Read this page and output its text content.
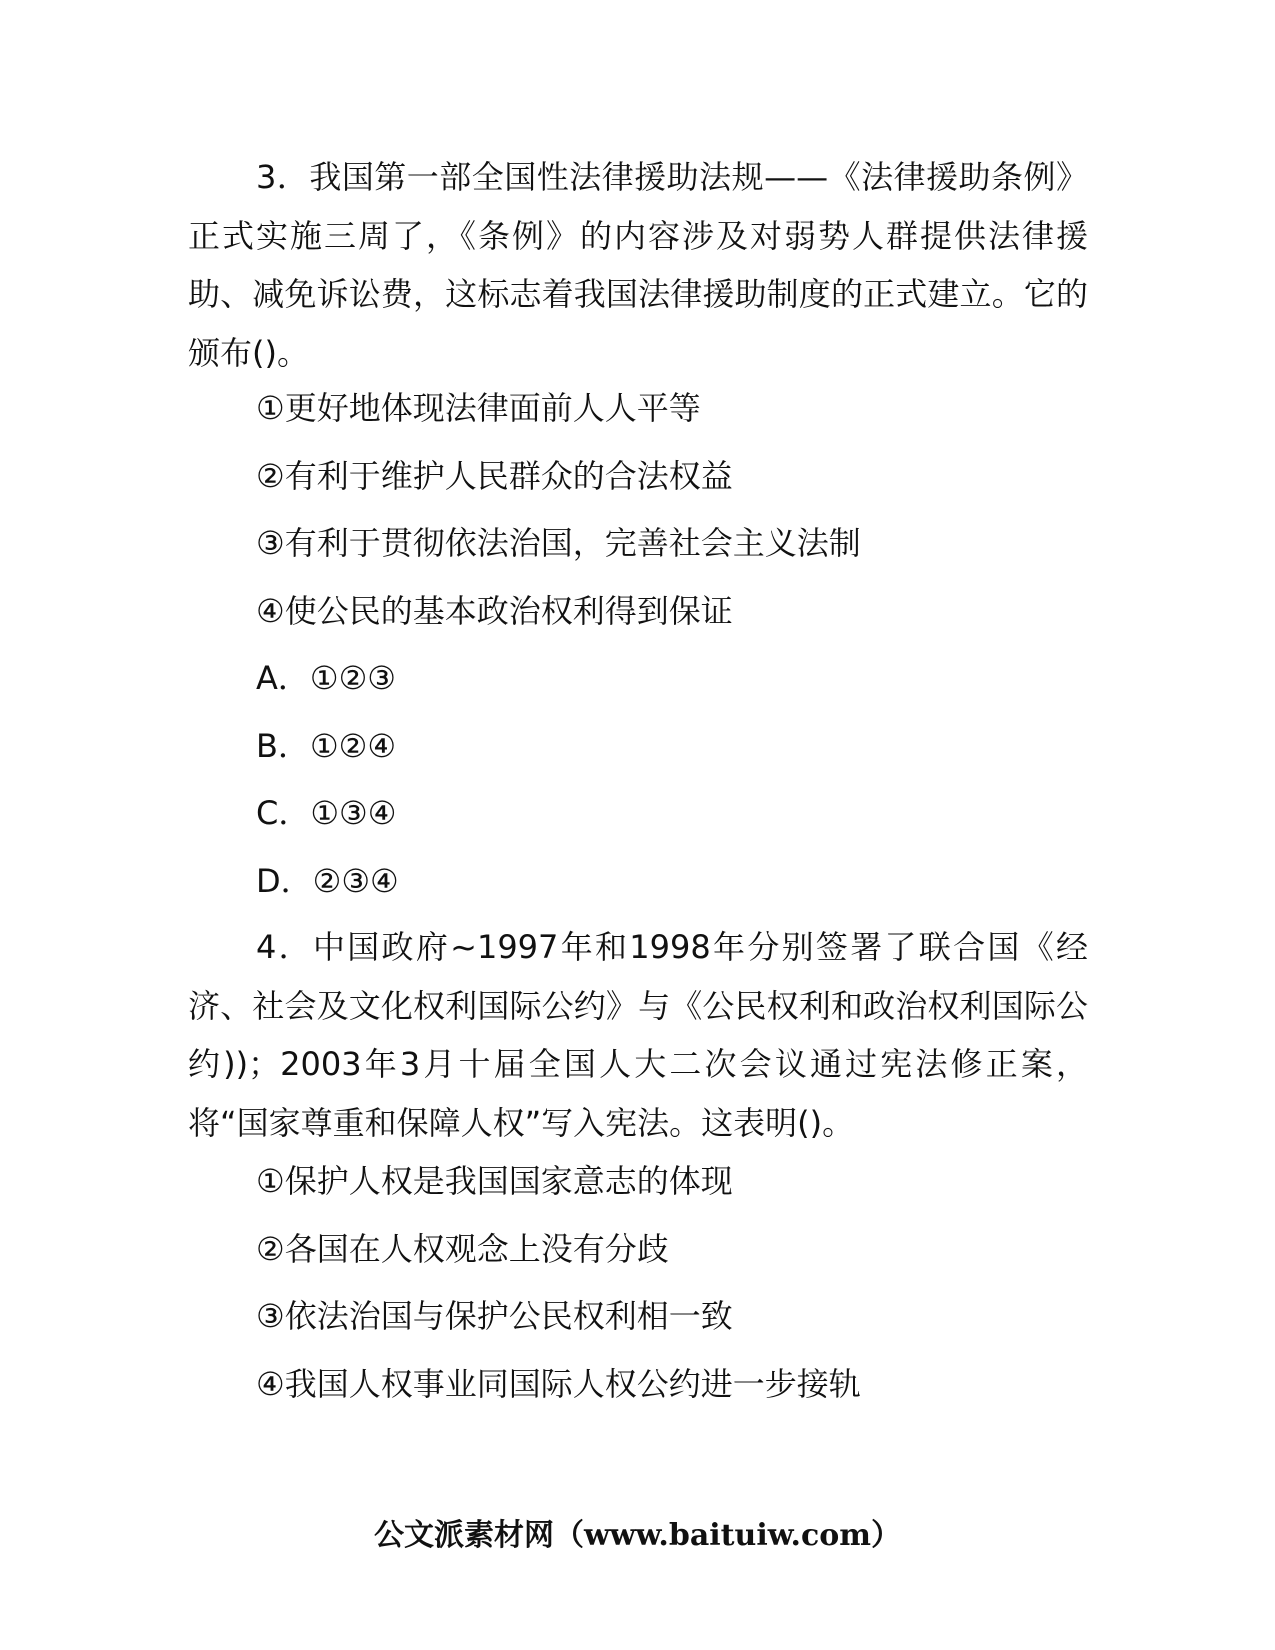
3．我国第一部全国性法律援助法规——《法律援助条例》正式实施三周了，《条例》的内容涉及对弱势人群提供法律援助、减免诉讼费，这标志着我国法律援助制度的正式建立。它的颁布()。

①更好地体现法律面前人人平等

②有利于维护人民群众的合法权益

③有利于贯彻依法治国，完善社会主义法制

④使公民的基本政治权利得到保证

A．①②③

B．①②④

C．①③④

D．②③④

4．中国政府~1997年和1998年分别签署了联合国《经济、社会及文化权利国际公约》与《公民权利和政治权利国际公约))；2003年3月十届全国人大二次会议通过宪法修正案，将“国家尊重和保障人权”写入宪法。这表明()。

①保护人权是我国国家意志的体现

②各国在人权观念上没有分歧

③依法治国与保护公民权利相一致

④我国人权事业同国际人权公约进一步接轨

公文派素材网（www.baituiw.com）
